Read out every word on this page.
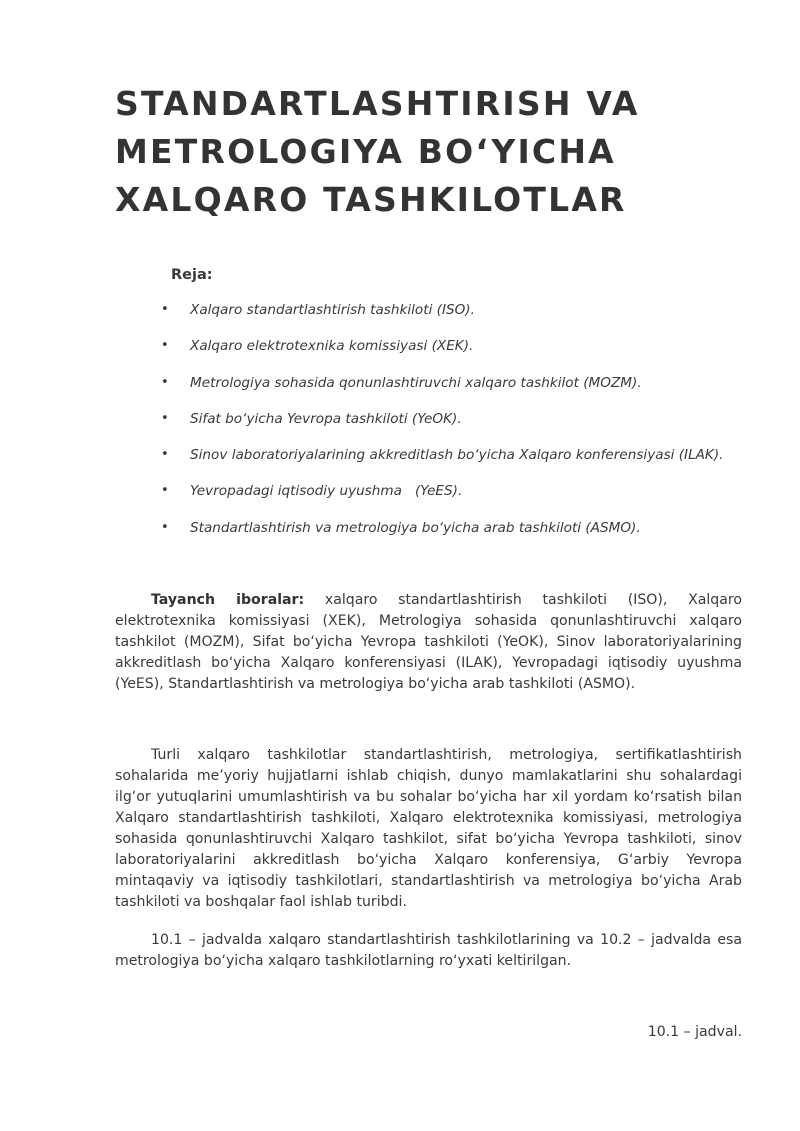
STANDARTLASHTIRISH VA
METROLOGIYA BO‘YICHA
XALQARO TASHKILOTLAR
Reja:
• Xalqaro standartlashtirish tashkiloti (ISO).
• Xalqaro elektrotexnika komissiyasi (XEK).
• Metrologiya sohasida qonunlashtiruvchi xalqaro tashkilot (MOZM).
• Sifat bo‘yicha Yevropa tashkiloti (YeOK).
• Sinov laboratoriyalarining akkreditlash bo‘yicha Xalqaro konferensiyasi (ILAK).
• Yevropadagi iqtisodiy uyushma   (YeES).
• Standartlashtirish va metrologiya bo‘yicha arab tashkiloti (ASMO).

Tayanch iboralar: xalqaro standartlashtirish tashkiloti (ISO), Xalqaro elektrotexnika komissiyasi (XEK), Metrologiya sohasida qonunlashtiruvchi xalqaro tashkilot (MOZM), Sifat bo‘yicha Yevropa tashkiloti (YeOK), Sinov laboratoriyalarining akkreditlash bo‘yicha Xalqaro konferensiyasi (ILAK), Yevropadagi iqtisodiy uyushma (YeES), Standartlashtirish va metrologiya bo‘yicha arab tashkiloti (ASMO).

Turli xalqaro tashkilotlar standartlashtirish, metrologiya, sertifikatlashtirish sohalarida me’yoriy hujjatlarni ishlab chiqish, dunyo mamlakatlarini shu sohalardagi ilg‘or yutuqlarini umumlashtirish va bu sohalar bo‘yicha har xil yordam ko‘rsatish bilan Xalqaro standartlashtirish tashkiloti, Xalqaro elektrotexnika komissiyasi, metrologiya sohasida qonunlashtiruvchi Xalqaro tashkilot, sifat bo‘yicha Yevropa tashkiloti, sinov laboratoriyalarini akkreditlash bo‘yicha Xalqaro konferensiya, G‘arbiy Yevropa mintaqaviy va iqtisodiy tashkilotlari, standartlashtirish va metrologiya bo‘yicha Arab tashkiloti va boshqalar faol ishlab turibdi.

10.1 – jadvalda xalqaro standartlashtirish tashkilotlarining va 10.2 – jadvalda esa metrologiya bo‘yicha xalqaro tashkilotlarning ro‘yxati keltirilgan.

10.1 – jadval.
